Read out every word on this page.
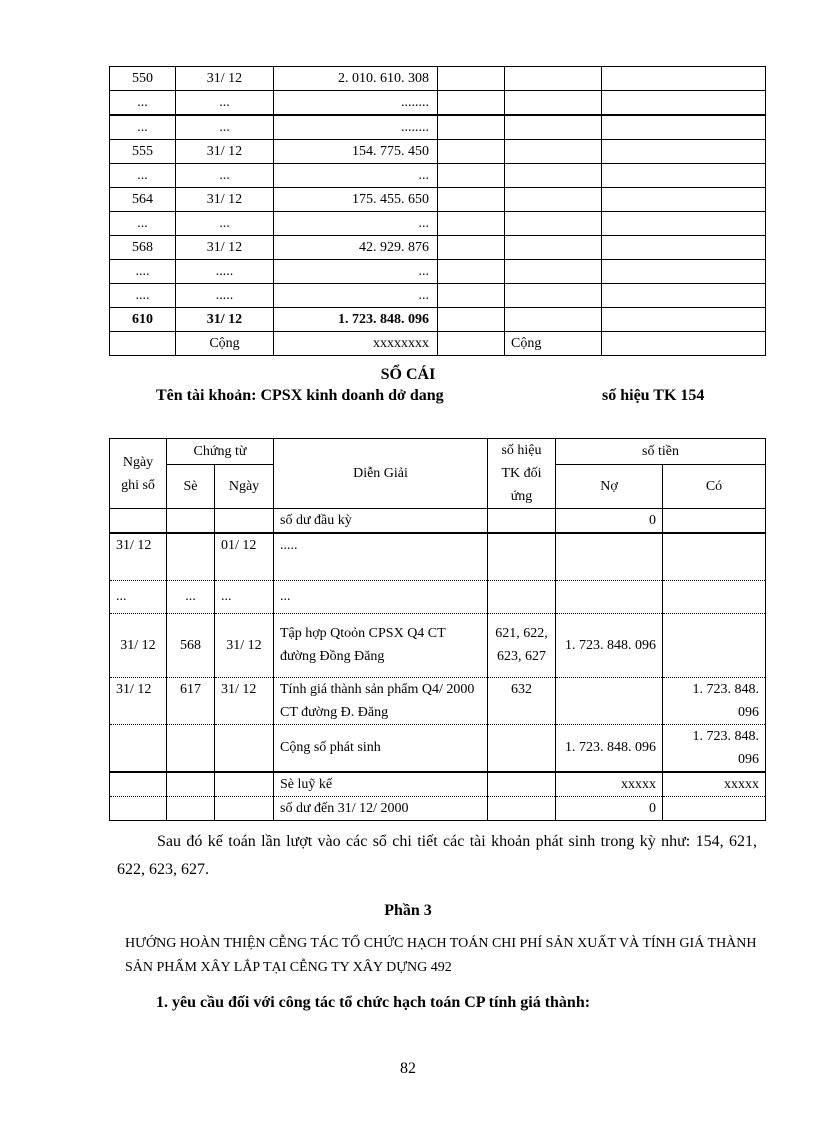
550	31/ 12	2. 010. 610. 308			
...	...	........			
...	...	........			
555	31/ 12	154. 775. 450			
...	...	...			
564	31/ 12	175. 455. 650			
...	...	...			
568	31/ 12	42. 929. 876			
....	.....	...			
....	.....	...			
610	31/ 12	1. 723. 848. 096			
	Cộng	xxxxxxxx		Cộng	
SỔ CÁI
Tên tài khoản: CPSX kinh doanh dở dang	số hiệu TK 154
Ngày ghi sổ	Chứng từ		Diễn Giải	số hiệu TK đối ứng	số tiền	
	Sè	Ngày			Nợ	Có
			số dư đầu kỳ		0	
31/ 12		01/ 12	.....			
...	...	...	...			
31/ 12	568	31/ 12	Tập hợp Qtoỏn CPSX Q4 CT đường Đồng Đăng	621, 622, 623, 627	1. 723. 848. 096	
31/ 12	617	31/ 12	Tính giá thành sản phẩm Q4/ 2000 CT đường Đ. Đăng	632		1. 723. 848. 096
			Cộng số phát sinh		1. 723. 848. 096	1. 723. 848. 096
			Sè luỹ kế		xxxxx	xxxxx
			số dư đến 31/ 12/ 2000		0	
Sau đó kế toán lần lượt vào các sổ chi tiết các tài khoản phát sinh trong kỳ như: 154, 621, 622, 623, 627.
Phần 3
HƯỚNG HOÀN THIỆN CỄNG TÁC TỔ CHỨC HẠCH TOÁN CHI PHÍ SẢN XUẤT VÀ TÍNH GIÁ THÀNH SẢN PHẨM XÂY LẮP TẠI CỄNG TY XÂY DỰNG 492
1. yêu cầu đối với công tác tổ chức hạch toán CP tính giá thành:
82
